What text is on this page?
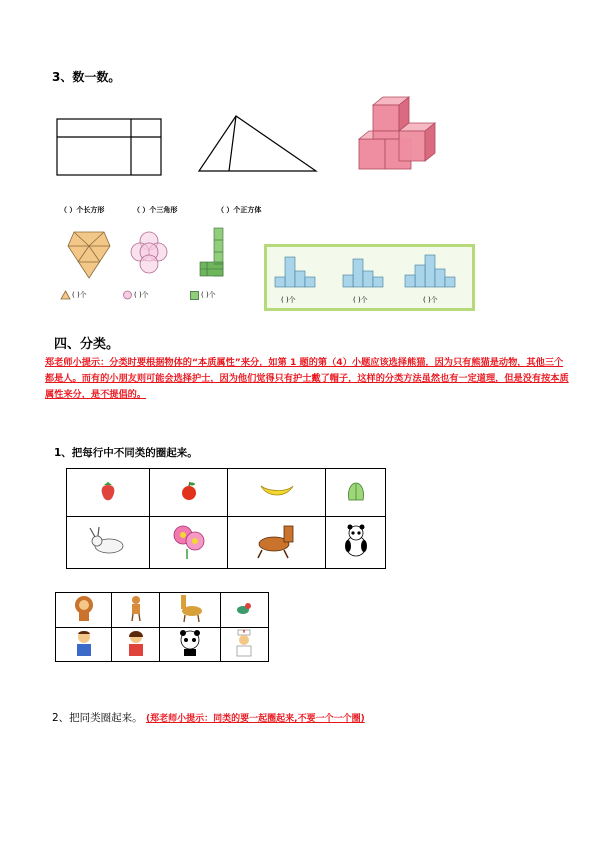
3、数一数。
（ ）个长方形	（ ）个三角形	（ ）个正方体
( )个	( )个	( )个
( )个	( )个	( )个
四、分类。
郑老师小提示：分类时要根据物体的“本质属性”来分，如第 1 题的第（4）小题应该选择熊猫，因为只有熊猫是动物，其他三个都是人。而有的小朋友则可能会选择护士，因为他们觉得只有护士戴了帽子，这样的分类方法虽然也有一定道理，但是没有按本质属性来分，是不提倡的。
1、把每行中不同类的圈起来。

2、把同类圈起来。 (郑老师小提示：同类的要一起圈起来,不要一个一个圈)
